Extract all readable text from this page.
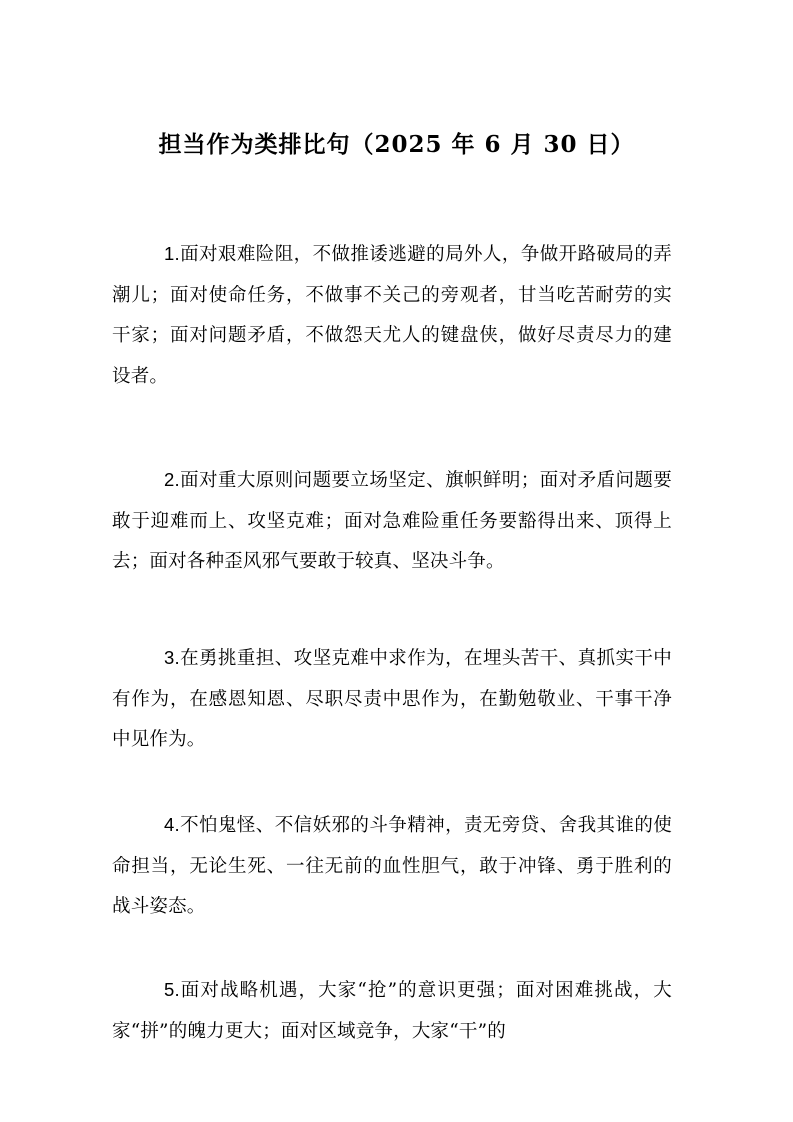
担当作为类排比句（2025 年 6 月 30 日）

1.面对艰难险阻，不做推诿逃避的局外人，争做开路破局的弄潮儿；面对使命任务，不做事不关己的旁观者，甘当吃苦耐劳的实干家；面对问题矛盾，不做怨天尤人的键盘侠，做好尽责尽力的建设者。

2.面对重大原则问题要立场坚定、旗帜鲜明；面对矛盾问题要敢于迎难而上、攻坚克难；面对急难险重任务要豁得出来、顶得上去；面对各种歪风邪气要敢于较真、坚决斗争。

3.在勇挑重担、攻坚克难中求作为，在埋头苦干、真抓实干中有作为，在感恩知恩、尽职尽责中思作为，在勤勉敬业、干事干净中见作为。

4.不怕鬼怪、不信妖邪的斗争精神，责无旁贷、舍我其谁的使命担当，无论生死、一往无前的血性胆气，敢于冲锋、勇于胜利的战斗姿态。

5.面对战略机遇，大家“抢”的意识更强；面对困难挑战，大家“拼”的魄力更大；面对区域竞争，大家“干”的
